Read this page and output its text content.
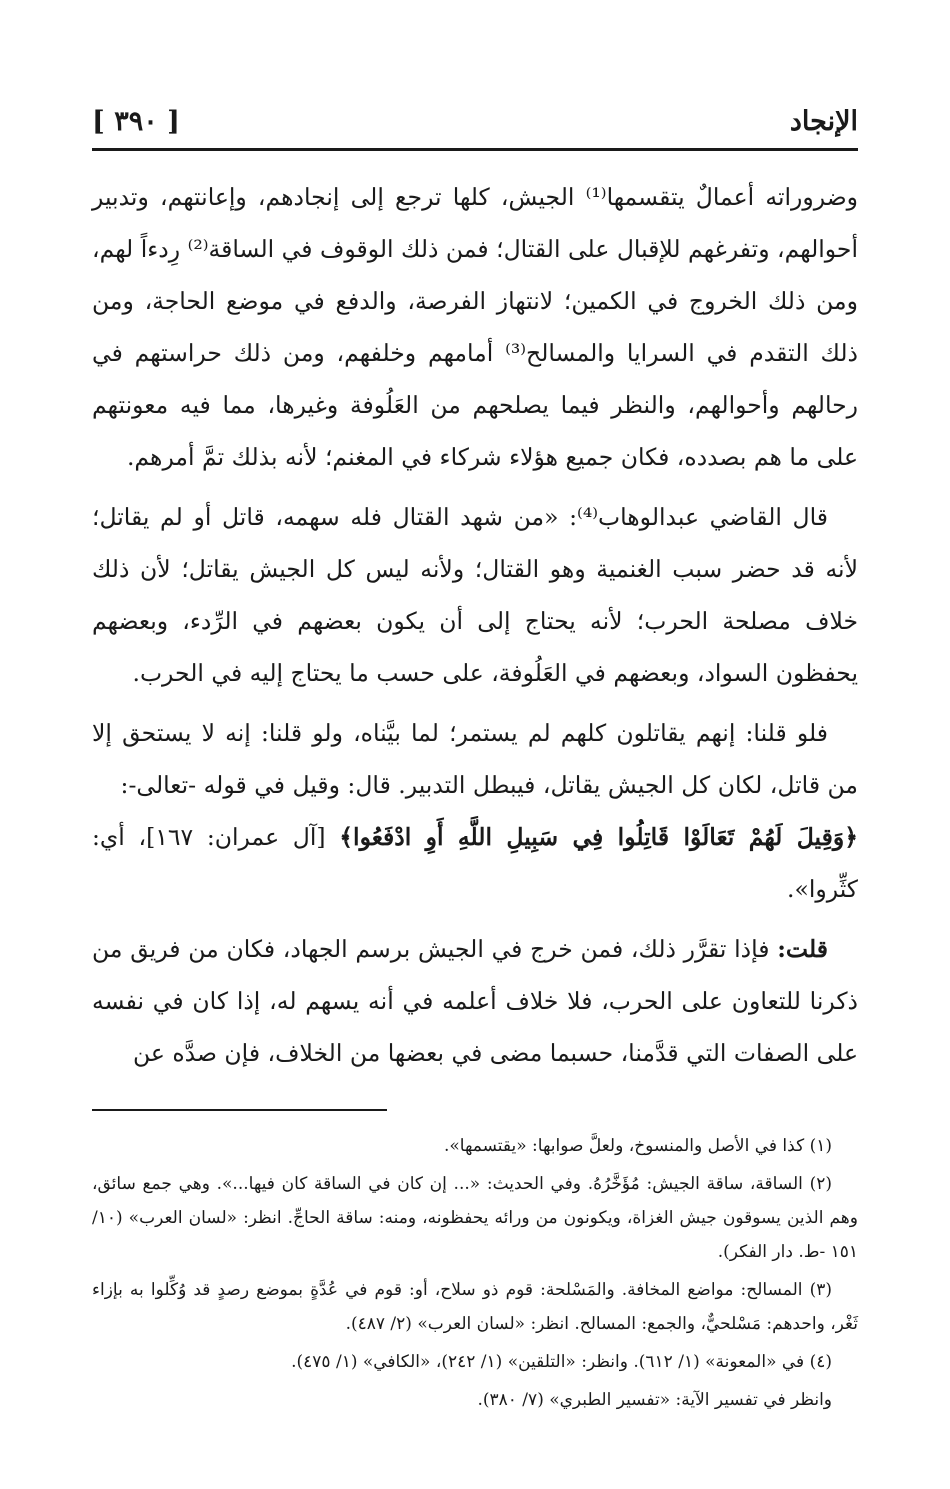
الإنجاد
[ ٣٩٠ ]

وضروراته أعمالٌ يتقسمها⁽¹⁾ الجيش، كلها ترجع إلى إنجادهم، وإعانتهم، وتدبير أحوالهم، وتفرغهم للإقبال على القتال؛ فمن ذلك الوقوف في الساقة⁽²⁾ رِدءاً لهم، ومن ذلك الخروج في الكمين؛ لانتهاز الفرصة، والدفع في موضع الحاجة، ومن ذلك التقدم في السرايا والمسالح⁽³⁾ أمامهم وخلفهم، ومن ذلك حراستهم في رحالهم وأحوالهم، والنظر فيما يصلحهم من العَلُوفة وغيرها، مما فيه معونتهم على ما هم بصدده، فكان جميع هؤلاء شركاء في المغنم؛ لأنه بذلك تمَّ أمرهم.

قال القاضي عبدالوهاب⁽⁴⁾: «من شهد القتال فله سهمه، قاتل أو لم يقاتل؛ لأنه قد حضر سبب الغنمية وهو القتال؛ ولأنه ليس كل الجيش يقاتل؛ لأن ذلك خلاف مصلحة الحرب؛ لأنه يحتاج إلى أن يكون بعضهم في الرِّدء، وبعضهم يحفظون السواد، وبعضهم في العَلُوفة، على حسب ما يحتاج إليه في الحرب.

فلو قلنا: إنهم يقاتلون كلهم لم يستمر؛ لما بيَّناه، ولو قلنا: إنه لا يستحق إلا من قاتل، لكان كل الجيش يقاتل، فيبطل التدبير. قال: وقيل في قوله -تعالى-:
﴿وَقِيلَ لَهُمْ تَعَالَوْا قَاتِلُوا فِي سَبِيلِ اللَّهِ أَوِ ادْفَعُوا﴾ [آل عمران: ١٦٧]، أي: كثِّروا».

قلت: فإذا تقرَّر ذلك، فمن خرج في الجيش برسم الجهاد، فكان من فريق من ذكرنا للتعاون على الحرب، فلا خلاف أعلمه في أنه يسهم له، إذا كان في نفسه على الصفات التي قدَّمنا، حسبما مضى في بعضها من الخلاف، فإن صدَّه عن

(١) كذا في الأصل والمنسوخ، ولعلَّ صوابها: «يقتسمها».

(٢) الساقة، ساقة الجيش: مُؤَخَّرُهُ. وفي الحديث: «... إن كان في الساقة كان فيها...». وهي جمع سائق، وهم الذين يسوقون جيش الغزاة، ويكونون من ورائه يحفظونه، ومنه: ساقة الحاجِّ. انظر: «لسان العرب» (١٠/ ١٥١ -ط. دار الفكر).

(٣) المسالح: مواضع المخافة. والمَسْلحة: قوم ذو سلاح، أو: قوم في عُدَّةٍ بموضع رصدٍ قد وُكِّلوا به بإزاء ثَغْر، واحدهم: مَسْلحيٌّ، والجمع: المسالح. انظر: «لسان العرب» (٢/ ٤٨٧).

(٤) في «المعونة» (١/ ٦١٢). وانظر: «التلقين» (١/ ٢٤٢)، «الكافي» (١/ ٤٧٥).

وانظر في تفسير الآية: «تفسير الطبري» (٧/ ٣٨٠).
